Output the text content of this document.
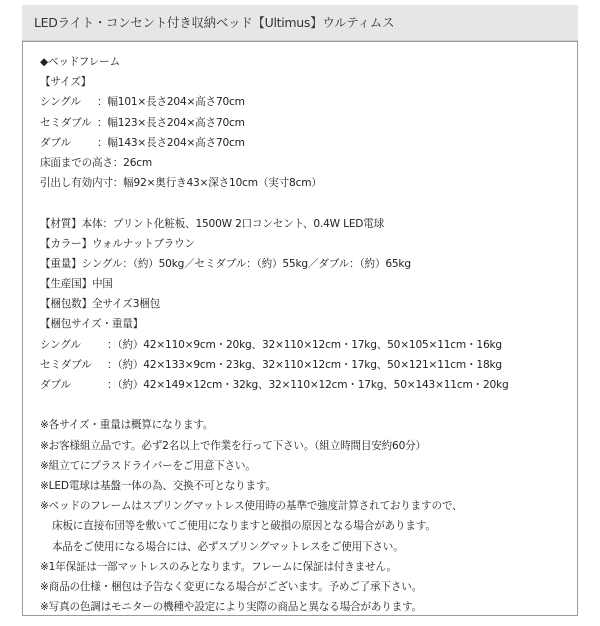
LEDライト・コンセント付き収納ベッド【Ultimus】ウルティムス
◆ベッドフレーム
【サイズ】
シングル	：幅101×長さ204×高さ70cm
セミダブル ：幅123×長さ204×高さ70cm
ダブル	：幅143×長さ204×高さ70cm
床面までの高さ：26cm
引出し有効内寸：幅92×奥行き43×深さ10cm（実寸8cm）
【材質】本体：プリント化粧板、1500W 2口コンセント、0.4W LED電球
【カラー】ウォルナットブラウン
【重量】シングル：（約）50kg／セミダブル：（約）55kg／ダブル：（約）65kg
【生産国】中国
【梱包数】全サイズ3梱包
【梱包サイズ・重量】
シングル	：（約）42×110×9cm・20kg、32×110×12cm・17kg、50×105×11cm・16kg
セミダブル	：（約）42×133×9cm・23kg、32×110×12cm・17kg、50×121×11cm・18kg
ダブル	：（約）42×149×12cm・32kg、32×110×12cm・17kg、50×143×11cm・20kg
※各サイズ・重量は概算になります。
※お客様組立品です。必ず2名以上で作業を行って下さい。（組立時間目安約60分）
※組立てにプラスドライバーをご用意下さい。
※LED電球は基盤一体の為、交換不可となります。
※ベッドのフレームはスプリングマットレス使用時の基準で強度計算されておりますので、
床板に直接布団等を敷いてご使用になりますと破損の原因となる場合があります。
本品をご使用になる場合には、必ずスプリングマットレスをご使用下さい。
※1年保証は一部マットレスのみとなります。フレームに保証は付きません。
※商品の仕様・梱包は予告なく変更になる場合がございます。予めご了承下さい。
※写真の色調はモニターの機種や設定により実際の商品と異なる場合があります。
